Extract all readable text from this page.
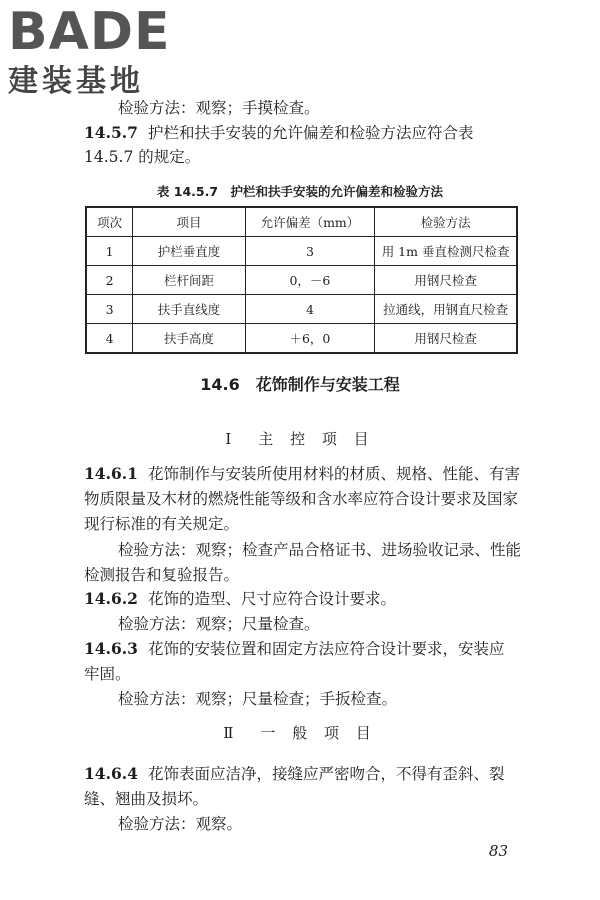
BADE
建装基地
检验方法：观察；手摸检查。
14.5.7 护栏和扶手安装的允许偏差和检验方法应符合表
14.5.7 的规定。
表 14.5.7　护栏和扶手安装的允许偏差和检验方法
项次	项目	允许偏差（mm）	检验方法
1	护栏垂直度	3	用 1m 垂直检测尺检查
2	栏杆间距	0，－6	用钢尺检查
3	扶手直线度	4	拉通线，用钢直尺检查
4	扶手高度	＋6，0	用钢尺检查
14.6　花饰制作与安装工程
Ⅰ　主 控 项 目
14.6.1 花饰制作与安装所使用材料的材质、规格、性能、有害
物质限量及木材的燃烧性能等级和含水率应符合设计要求及国家
现行标准的有关规定。
检验方法：观察；检查产品合格证书、进场验收记录、性能
检测报告和复验报告。
14.6.2 花饰的造型、尺寸应符合设计要求。
检验方法：观察；尺量检查。
14.6.3 花饰的安装位置和固定方法应符合设计要求，安装应
牢固。
检验方法：观察；尺量检查；手扳检查。
Ⅱ　一 般 项 目
14.6.4 花饰表面应洁净，接缝应严密吻合，不得有歪斜、裂
缝、翘曲及损坏。
检验方法：观察。
83
